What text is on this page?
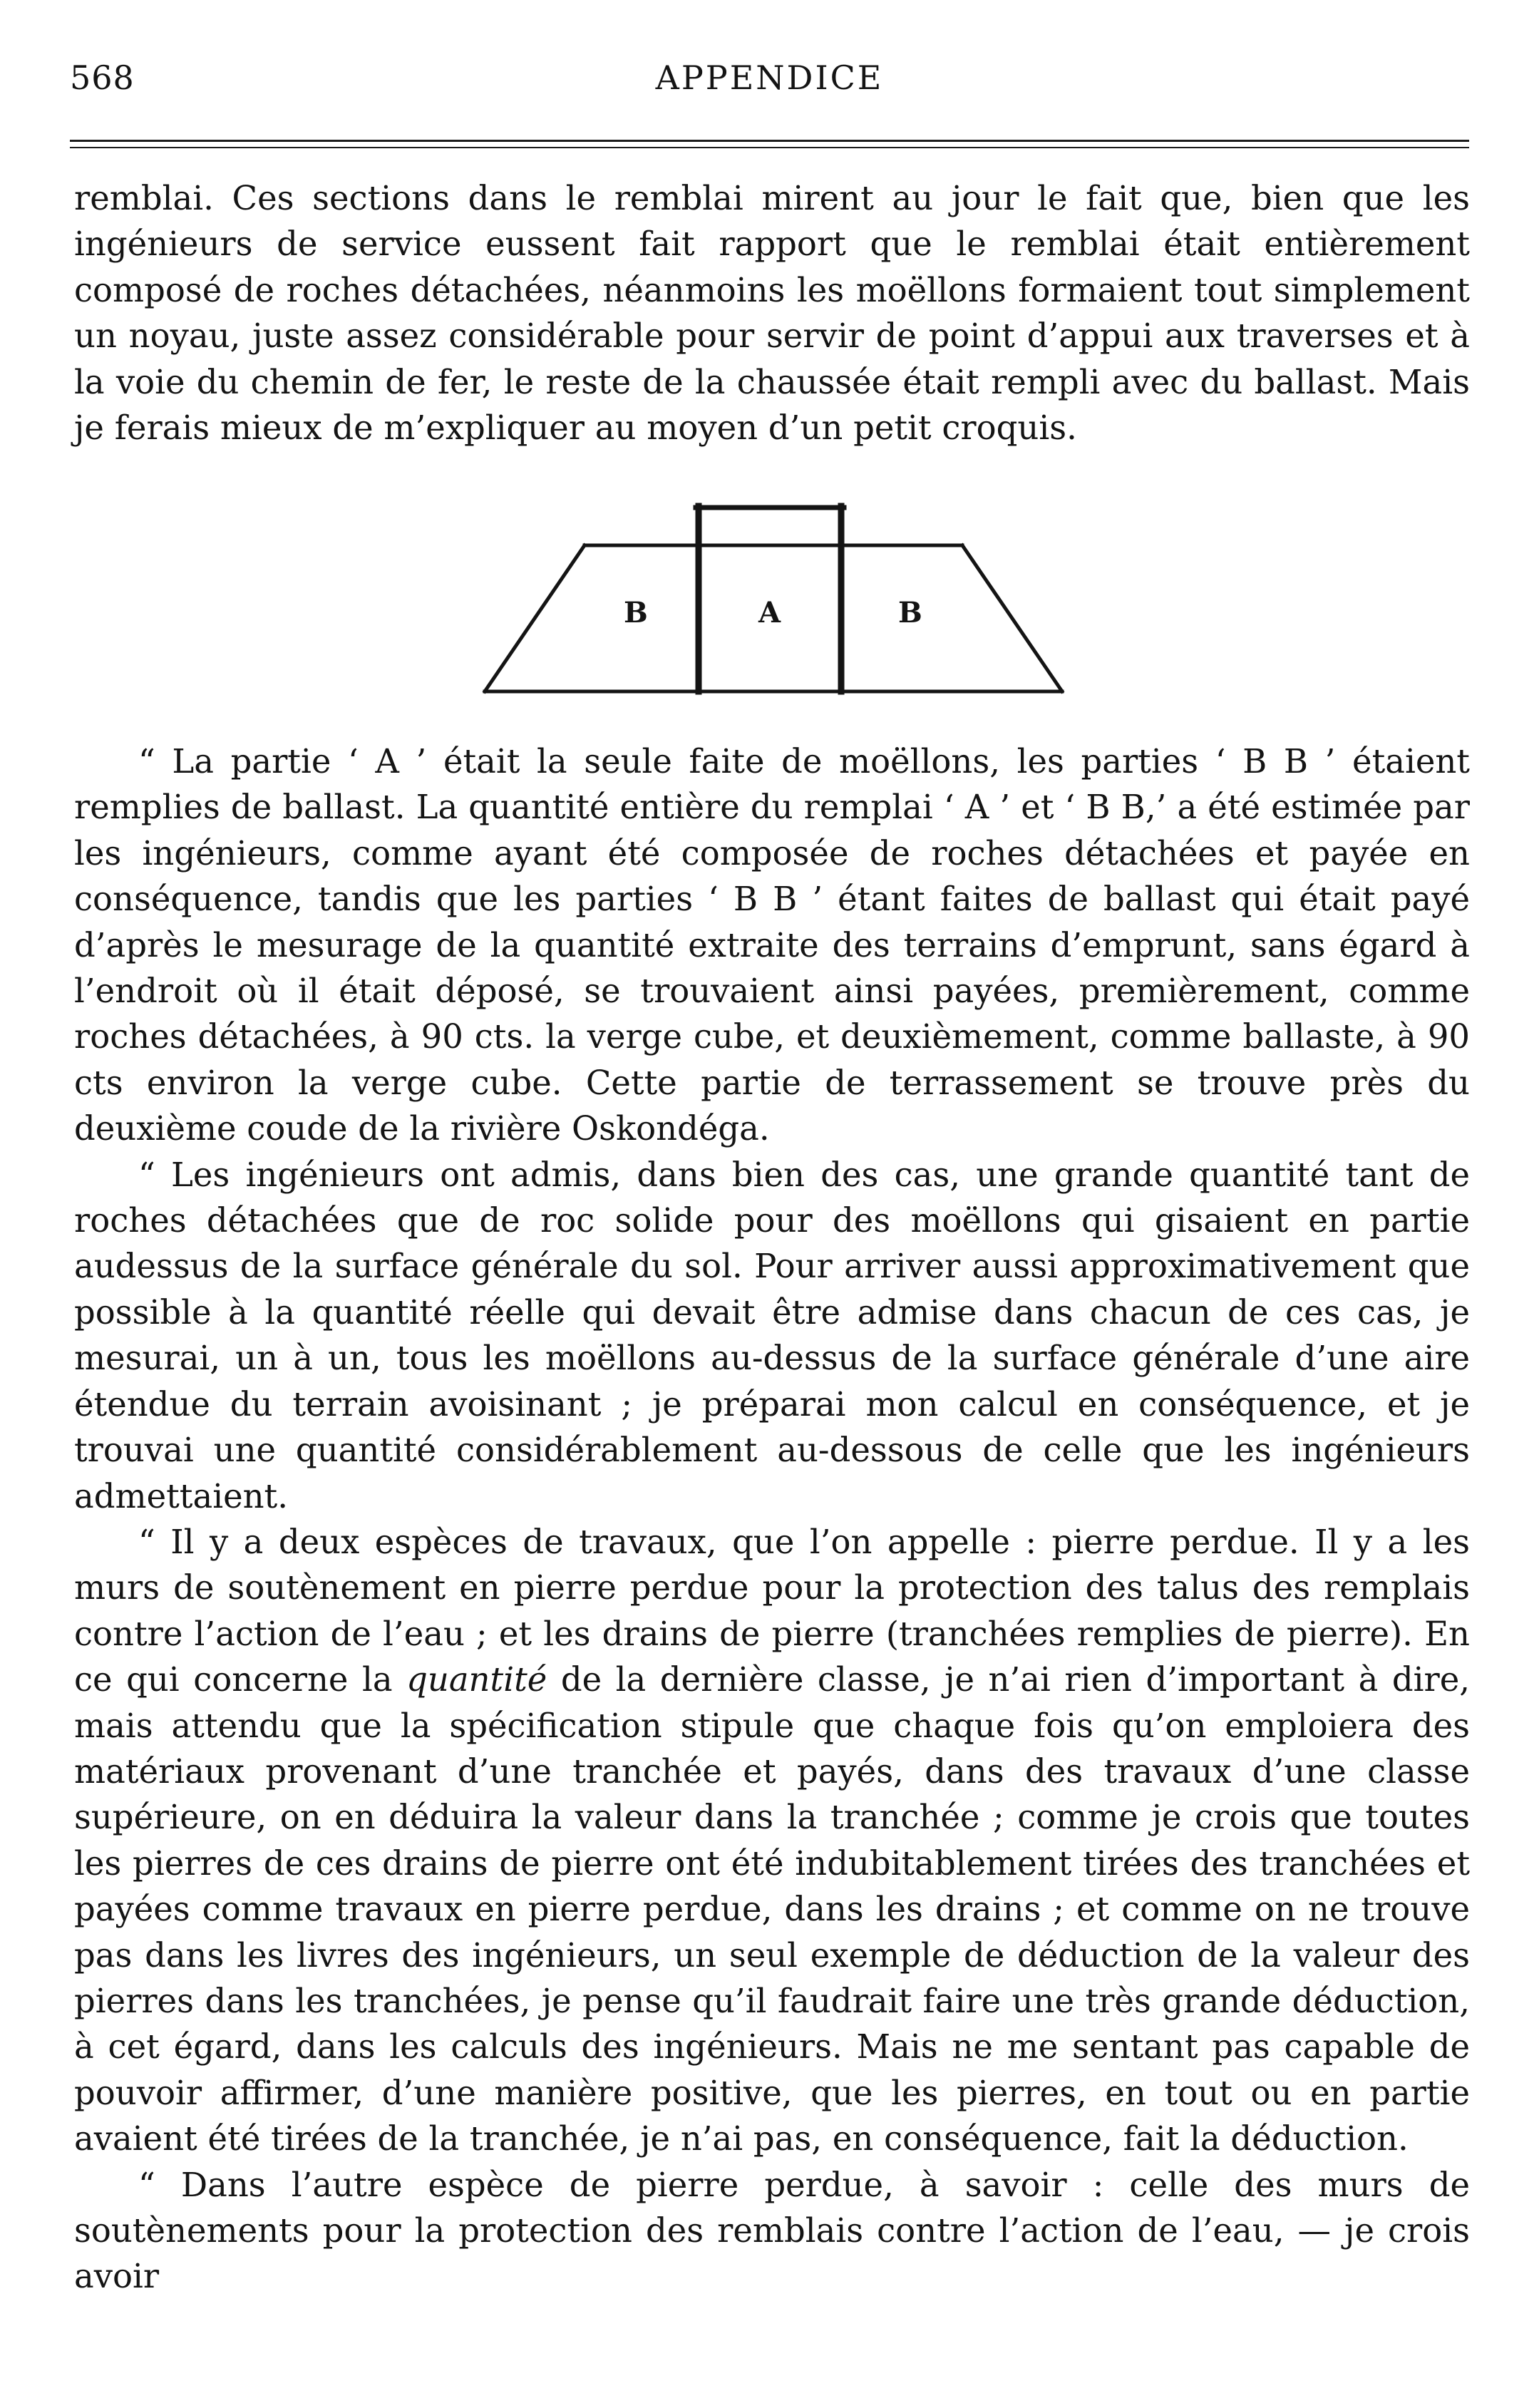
568	APPENDICE

remblai. Ces sections dans le remblai mirent au jour le fait que, bien que les ingénieurs de service eussent fait rapport que le remblai était entièrement composé de roches détachées, néanmoins les moëllons formaient tout simplement un noyau, juste assez considérable pour servir de point d’appui aux traverses et à la voie du chemin de fer, le reste de la chaussée était rempli avec du ballast. Mais je ferais mieux de m’expliquer au moyen d’un petit croquis.

B	A	B

“ La partie ‘ A ’ était la seule faite de moëllons, les parties ‘ B B ’ étaient remplies de ballast. La quantité entière du remplai ‘ A ’ et ‘ B B,’ a été estimée par les ingénieurs, comme ayant été composée de roches détachées et payée en conséquence, tandis que les parties ‘ B B ’ étant faites de ballast qui était payé d’après le mesurage de la quantité extraite des terrains d’emprunt, sans égard à l’endroit où il était déposé, se trouvaient ainsi payées, premièrement, comme roches détachées, à 90 cts. la verge cube, et deuxièmement, comme ballaste, à 90 cts environ la verge cube. Cette partie de terrassement se trouve près du deuxième coude de la rivière Oskondéga.

“ Les ingénieurs ont admis, dans bien des cas, une grande quantité tant de roches détachées que de roc solide pour des moëllons qui gisaient en partie audessus de la surface générale du sol. Pour arriver aussi approximativement que possible à la quantité réelle qui devait être admise dans chacun de ces cas, je mesurai, un à un, tous les moëllons au-dessus de la surface générale d’une aire étendue du terrain avoisinant ; je préparai mon calcul en conséquence, et je trouvai une quantité considérablement au-dessous de celle que les ingénieurs admettaient.

“ Il y a deux espèces de travaux, que l’on appelle : pierre perdue. Il y a les murs de soutènement en pierre perdue pour la protection des talus des remplais contre l’action de l’eau ; et les drains de pierre (tranchées remplies de pierre). En ce qui concerne la quantité de la dernière classe, je n’ai rien d’important à dire, mais attendu que la spécification stipule que chaque fois qu’on emploiera des matériaux provenant d’une tranchée et payés, dans des travaux d’une classe supérieure, on en déduira la valeur dans la tranchée ; comme je crois que toutes les pierres de ces drains de pierre ont été indubitablement tirées des tranchées et payées comme travaux en pierre perdue, dans les drains ; et comme on ne trouve pas dans les livres des ingénieurs, un seul exemple de déduction de la valeur des pierres dans les tranchées, je pense qu’il faudrait faire une très grande déduction, à cet égard, dans les calculs des ingénieurs. Mais ne me sentant pas capable de pouvoir affirmer, d’une manière positive, que les pierres, en tout ou en partie avaient été tirées de la tranchée, je n’ai pas, en conséquence, fait la déduction.

“ Dans l’autre espèce de pierre perdue, à savoir : celle des murs de soutènements pour la protection des remblais contre l’action de l’eau, — je crois avoir
